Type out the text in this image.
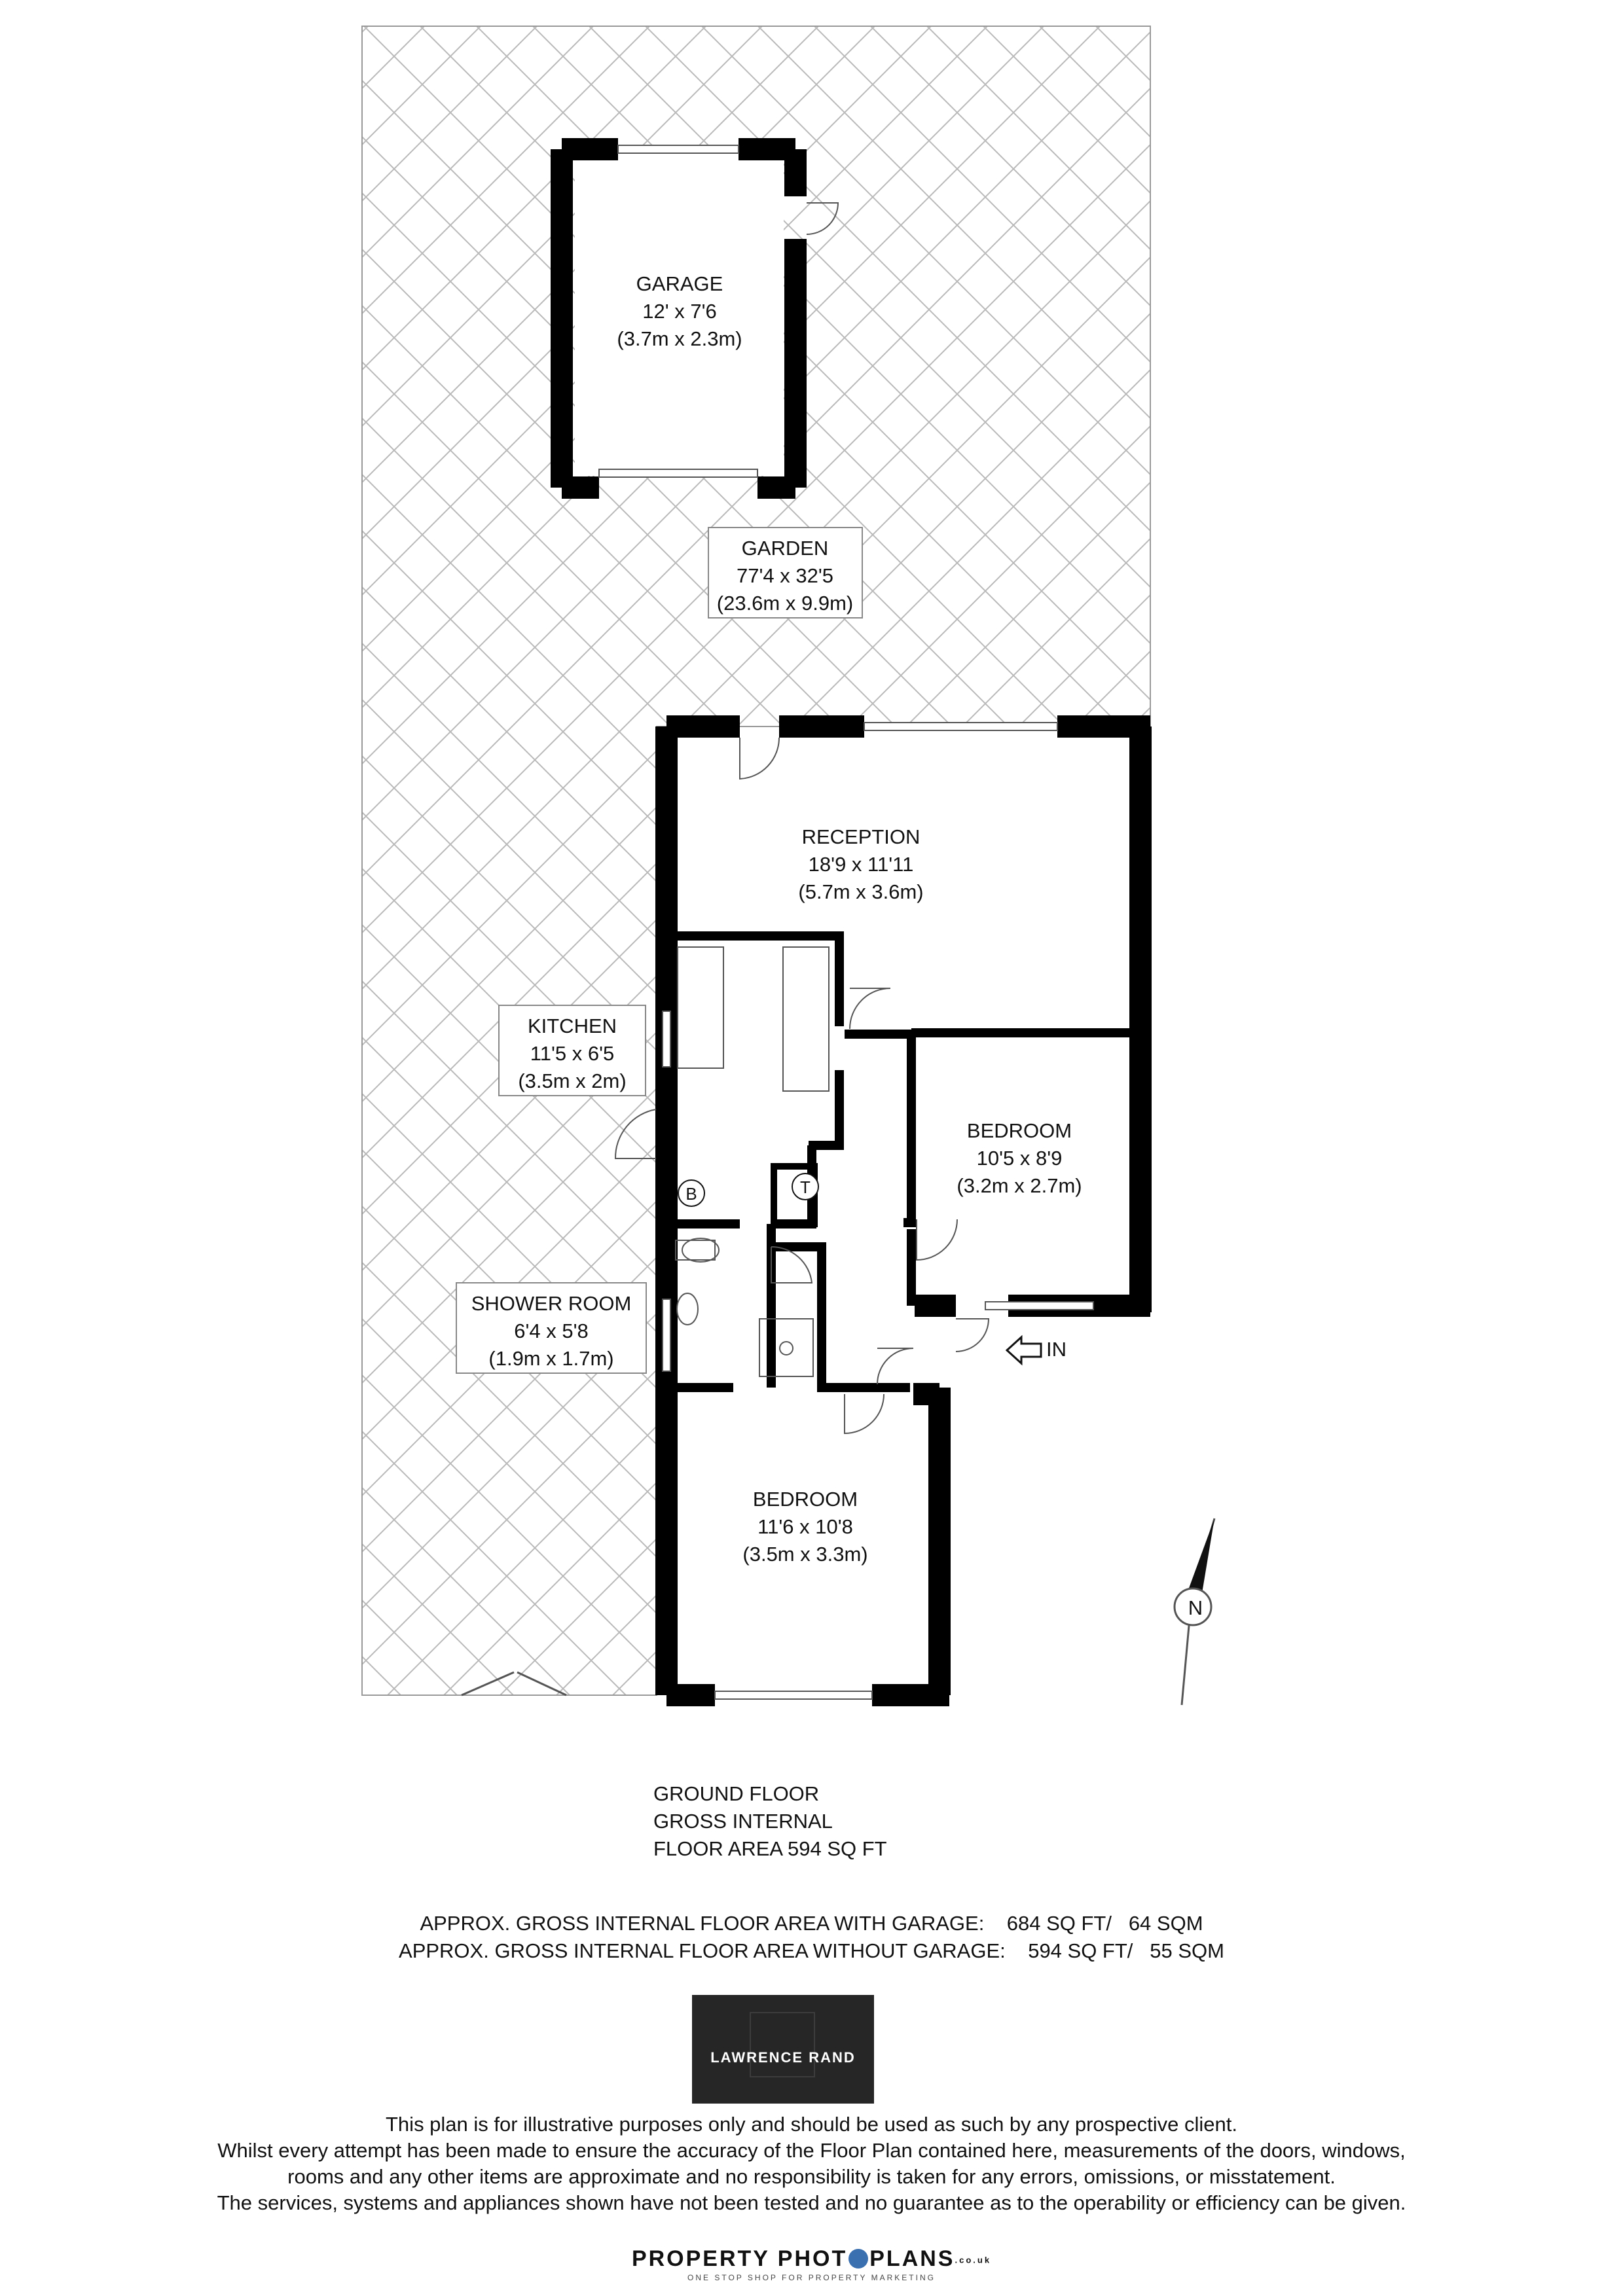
B	T
IN
N
GARAGE
12' x 7'6
(3.7m x 2.3m)
GARDEN
77'4 x 32'5
(23.6m x 9.9m)
RECEPTION
18'9 x 11'11
(5.7m x 3.6m)
KITCHEN
11'5 x 6'5
(3.5m x 2m)
BEDROOM
10'5 x 8'9
(3.2m x 2.7m)
SHOWER ROOM
6'4 x 5'8
(1.9m x 1.7m)
BEDROOM
11'6 x 10'8
(3.5m x 3.3m)
GROUND FLOOR
GROSS INTERNAL
FLOOR AREA 594 SQ FT
APPROX. GROSS INTERNAL FLOOR AREA WITH GARAGE:    684 SQ FT/   64 SQM
APPROX. GROSS INTERNAL FLOOR AREA WITHOUT GARAGE:    594 SQ FT/   55 SQM
LAWRENCE RAND
This plan is for illustrative purposes only and should be used as such by any prospective client.
Whilst every attempt has been made to ensure the accuracy of the Floor Plan contained here, measurements of the doors, windows,
rooms and any other items are approximate and no responsibility is taken for any errors, omissions, or misstatement.
The services, systems and appliances shown have not been tested and no guarantee as to the operability or efficiency can be given.
PROPERTY PHOT PLANS.co.uk
ONE STOP SHOP FOR PROPERTY MARKETING
